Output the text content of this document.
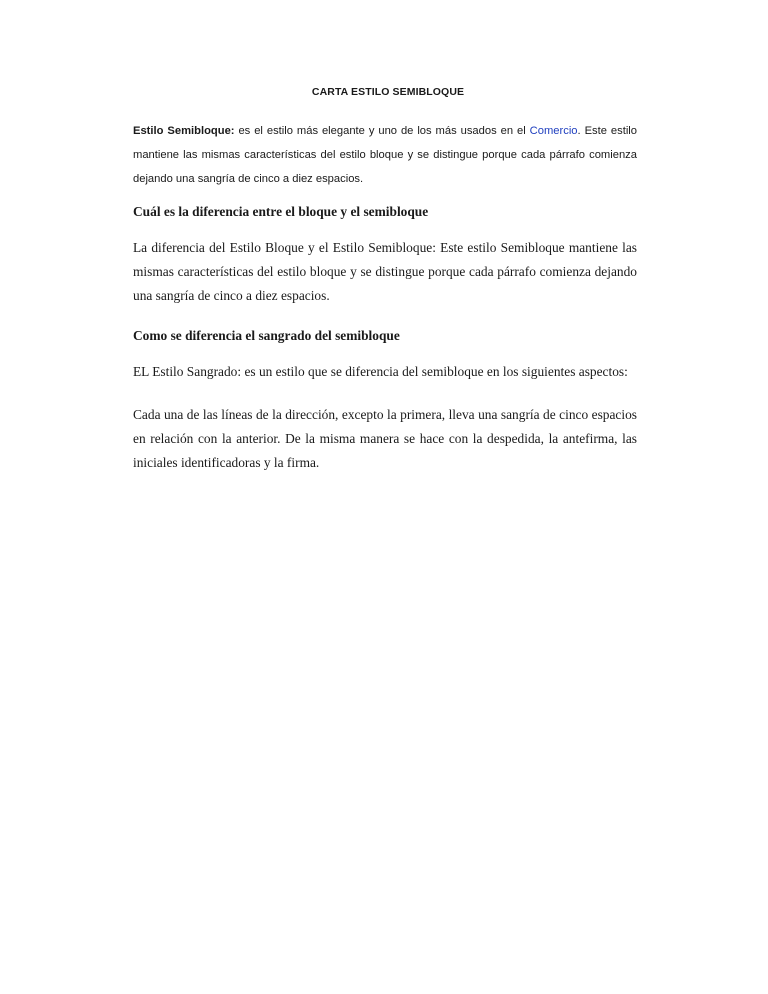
CARTA ESTILO SEMIBLOQUE

Estilo Semibloque: es el estilo más elegante y uno de los más usados en el Comercio. Este estilo mantiene las mismas características del estilo bloque y se distingue porque cada párrafo comienza dejando una sangría de cinco a diez espacios.

Cuál es la diferencia entre el bloque y el semibloque

La diferencia del Estilo Bloque y el Estilo Semibloque: Este estilo Semibloque mantiene las mismas características del estilo bloque y se distingue porque cada párrafo comienza dejando una sangría de cinco a diez espacios.

Como se diferencia el sangrado del semibloque

EL Estilo Sangrado: es un estilo que se diferencia del semibloque en los siguientes aspectos:

Cada una de las líneas de la dirección, excepto la primera, lleva una sangría de cinco espacios en relación con la anterior. De la misma manera se hace con la despedida, la antefirma, las iniciales identificadoras y la firma.
